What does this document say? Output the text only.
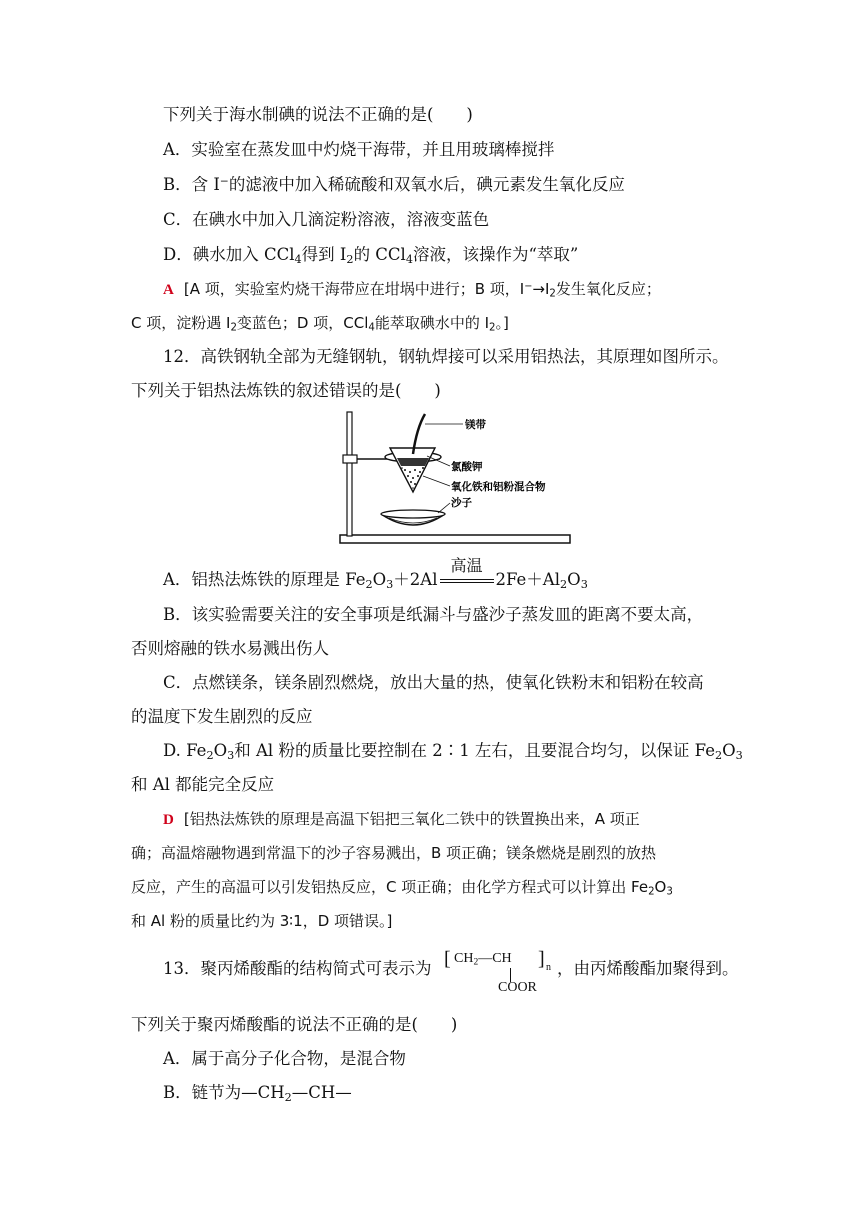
下列关于海水制碘的说法不正确的是(　　)
A．实验室在蒸发皿中灼烧干海带，并且用玻璃棒搅拌
B．含 I−的滤液中加入稀硫酸和双氧水后，碘元素发生氧化反应
C．在碘水中加入几滴淀粉溶液，溶液变蓝色
D．碘水加入 CCl$_4$得到 $I_2$的 CCl$_4$溶液，该操作为“萃取”
A [A 项，实验室灼烧干海带应在坩埚中进行；B 项，$I^-\to I_2$发生氧化反应；
C 项，淀粉遇 $I_2$变蓝色；D 项，CCl$_4$能萃取碘水中的 $I_2$。]
12．高铁钢轨全部为无缝钢轨，钢轨焊接可以采用铝热法，其原理如图所示。
下列关于铝热法炼铁的叙述错误的是(　　)
镁带
氯酸钾
氧化铁和铝粉混合物
沙子
A．铝热法炼铁的原理是 $Fe_2O_3+2Al$
高温
$2Fe+Al_2O_3$
B．该实验需要关注的安全事项是纸漏斗与盛沙子蒸发皿的距离不要太高，
否则熔融的铁水易溅出伤人
C．点燃镁条，镁条剧烈燃烧，放出大量的热，使氧化铁粉末和铝粉在较高
的温度下发生剧烈的反应
D. $Fe_2O_3$和 Al 粉的质量比要控制在 2∶1 左右，且要混合均匀，以保证 $Fe_2O_3$
和 Al 都能完全反应
D [铝热法炼铁的原理是高温下铝把三氧化二铁中的铁置换出来，A 项正
确；高温熔融物遇到常温下的沙子容易溅出，B 项正确；镁条燃烧是剧烈的放热
反应，产生的高温可以引发铝热反应，C 项正确；由化学方程式可以计算出 $Fe_2O_3$
和 Al 粉的质量比约为 3∶1，D 项错误。]
13．聚丙烯酸酯的结构简式可表示为 [ $CH_2—CH$ ] n
COOR
，由丙烯酸酯加聚得到。
下列关于聚丙烯酸酯的说法不正确的是(　　)
A．属于高分子化合物，是混合物
B．链节为$—CH_2—CH—$
